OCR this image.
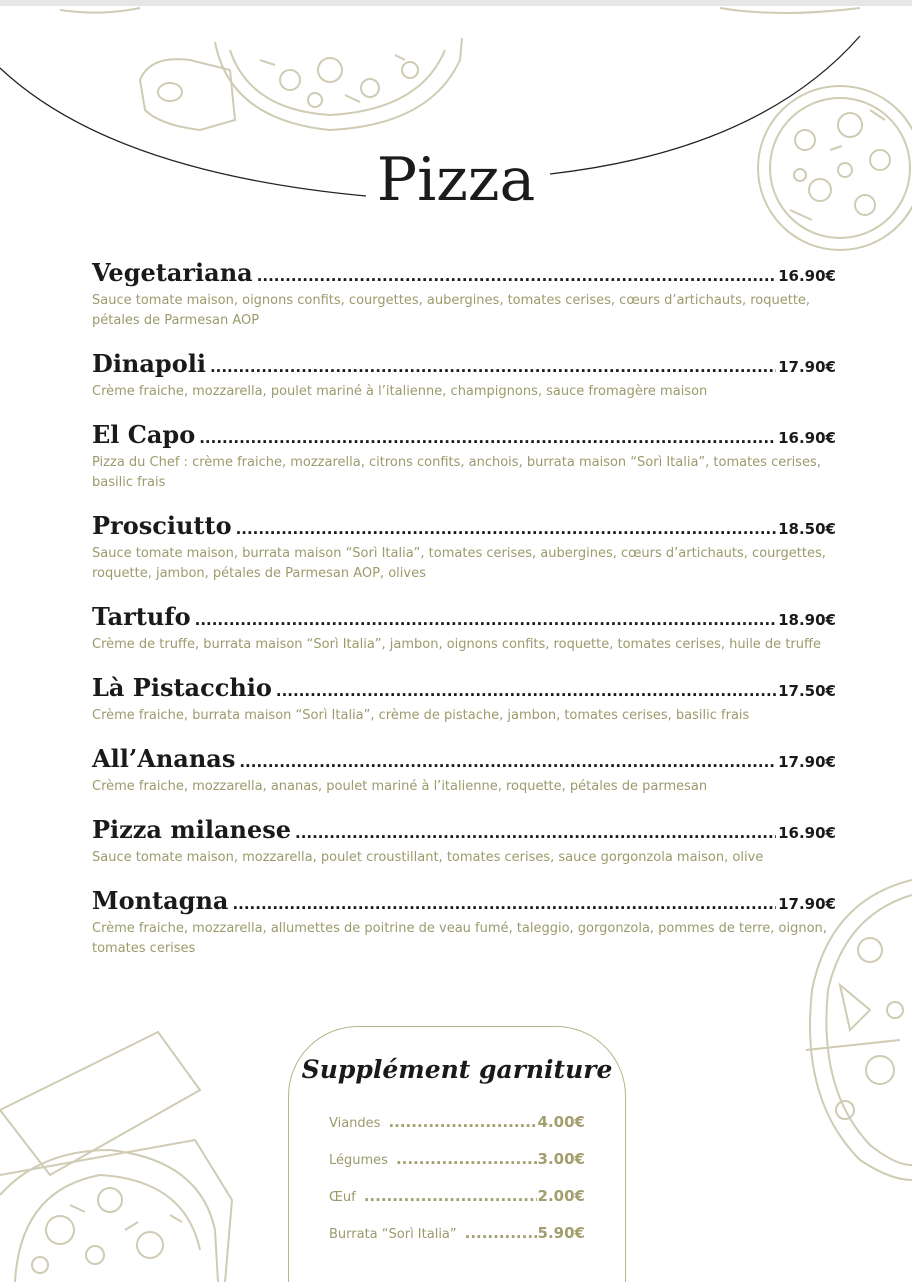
Pizza
Vegetariana .....	16.90€
Sauce tomate maison, oignons confits, courgettes, aubergines, tomates cerises, cœurs d’artichauts, roquette, pétales de Parmesan AOP
Dinapoli .....	17.90€
Crème fraiche, mozzarella, poulet mariné à l’italienne, champignons, sauce fromagère maison
El Capo .....	16.90€
Pizza du Chef : crème fraiche, mozzarella, citrons confits, anchois, burrata maison “Sorì Italia”, tomates cerises, basilic frais
Prosciutto .....	18.50€
Sauce tomate maison, burrata maison “Sorì Italia”, tomates cerises, aubergines, cœurs d’artichauts, courgettes, roquette, jambon, pétales de Parmesan AOP, olives
Tartufo .....	18.90€
Crème de truffe, burrata maison “Sorì Italia”, jambon, oignons confits, roquette, tomates cerises, huile de truffe
Là Pistacchio .....	17.50€
Crème fraiche, burrata maison “Sorì Italia”, crème de pistache, jambon, tomates cerises, basilic frais
All’Ananas .....	17.90€
Crème fraiche, mozzarella, ananas, poulet mariné à l’italienne, roquette, pétales de parmesan
Pizza milanese .....	16.90€
Sauce tomate maison, mozzarella, poulet croustillant, tomates cerises, sauce gorgonzola maison, olive
Montagna .....	17.90€
Crème fraiche, mozzarella, allumettes de poitrine de veau fumé, taleggio, gorgonzola, pommes de terre, oignon, tomates cerises
Supplément garniture
Viandes .....	4.00€
Légumes .....	3.00€
Œuf .....	2.00€
Burrata “Sorì Italia” .....	5.90€
